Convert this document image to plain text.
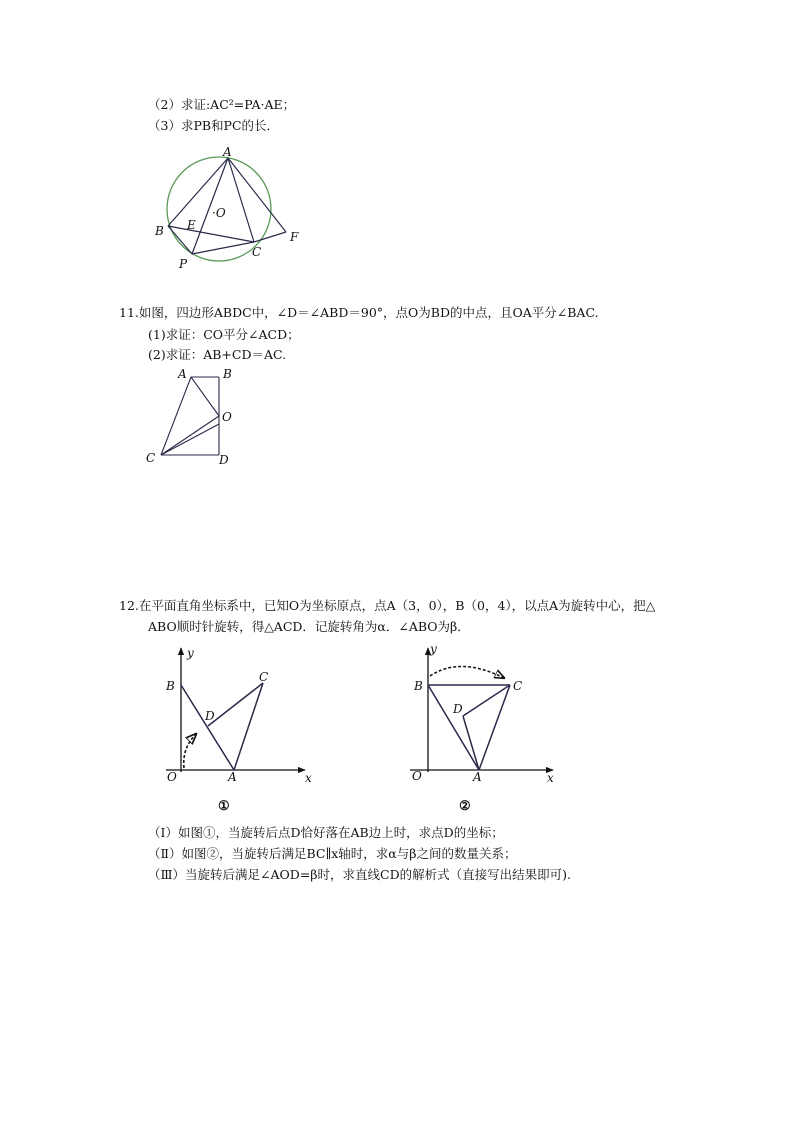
（2）求证:AC²=PA·AE；
（3）求PB和PC的长．
A
·O
B E
C
F
P
11.如图，四边形ABDC中，∠D＝∠ABD＝90°，点O为BD的中点，且OA平分∠BAC.
(1)求证：CO平分∠ACD；
(2)求证：AB+CD＝AC.
A	B
O
C	D
12.在平面直角坐标系中，已知O为坐标原点，点A（3，0），B（0，4），以点A为旋转中心，把△
ABO顺时针旋转，得△ACD．记旋转角为α．∠ABO为β．
y
B
C
D
O	A	x
①
y
B	C
D
O	A	x
②
（Ⅰ）如图①，当旋转后点D恰好落在AB边上时，求点D的坐标；
（Ⅱ）如图②，当旋转后满足BC∥x轴时，求α与β之间的数量关系；
（Ⅲ）当旋转后满足∠AOD=β时，求直线CD的解析式（直接写出结果即可).
